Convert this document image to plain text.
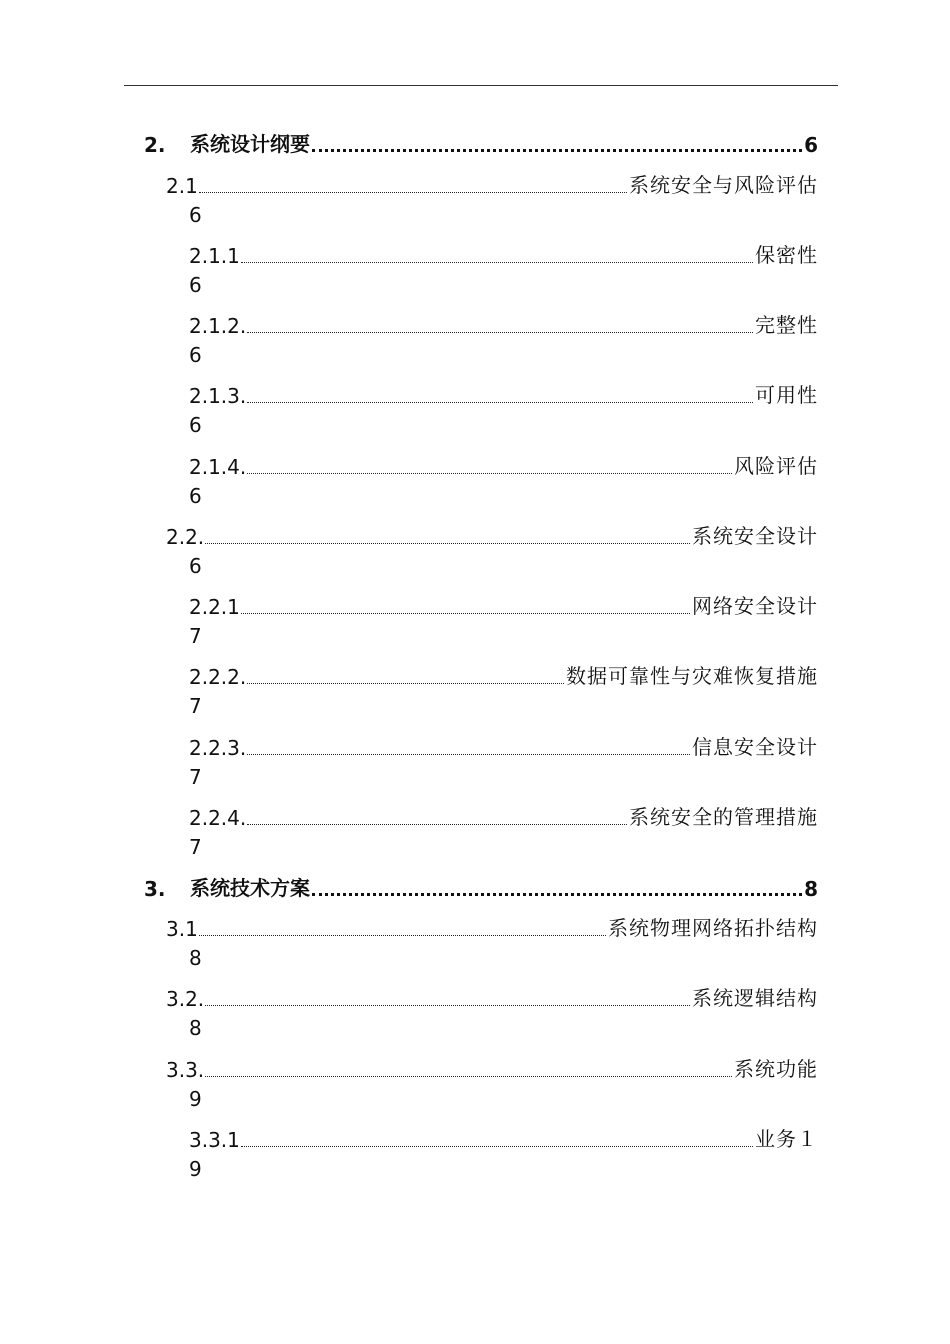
2.	系统设计纲要	6
2.1	系统安全与风险评估
6
2.1.1	保密性
6
2.1.2.	完整性
6
2.1.3.	可用性
6
2.1.4.	风险评估
6
2.2.	系统安全设计
6
2.2.1	网络安全设计
7
2.2.2.	数据可靠性与灾难恢复措施
7
2.2.3.	信息安全设计
7
2.2.4.	系统安全的管理措施
7
3.	系统技术方案	8
3.1	系统物理网络拓扑结构
8
3.2.	系统逻辑结构
8
3.3.	系统功能
9
3.3.1	业务１
9
